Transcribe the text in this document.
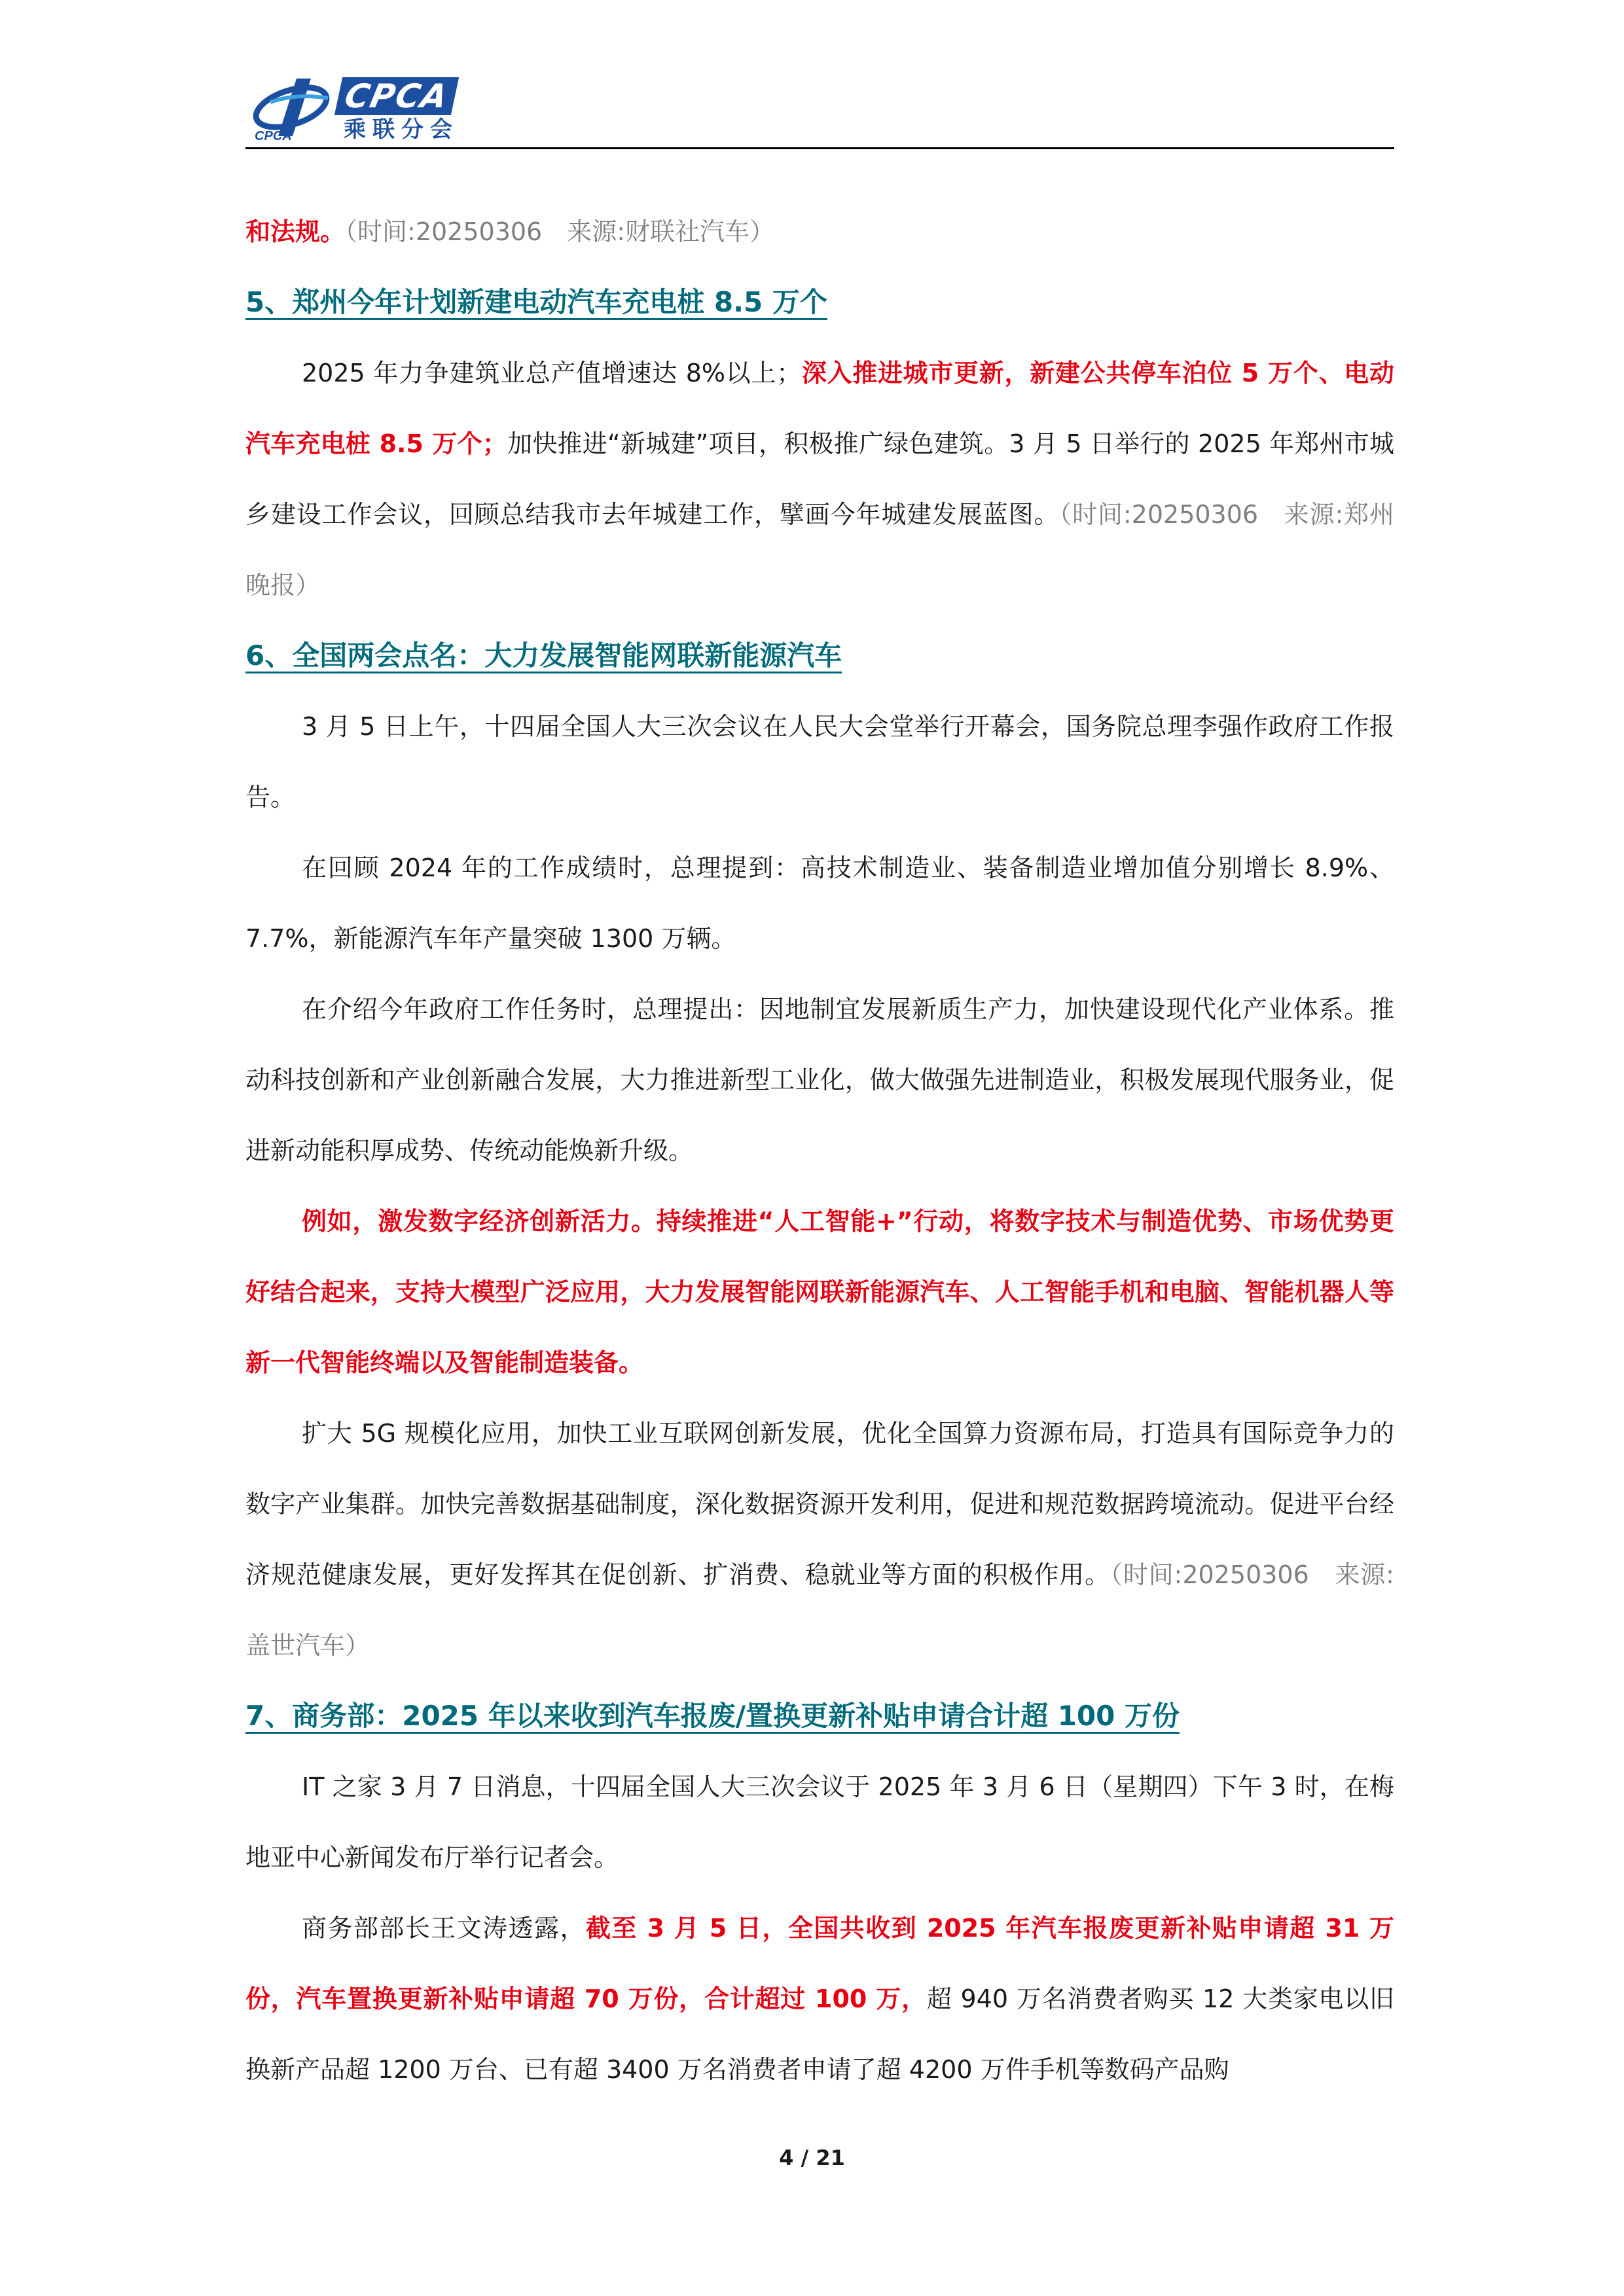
CPCA
CPCA
乘联分会

和法规。（时间:20250306　来源:财联社汽车）

5、郑州今年计划新建电动汽车充电桩 8.5 万个

2025 年力争建筑业总产值增速达 8%以上；深入推进城市更新，新建公共停车泊位 5 万个、电动汽车充电桩 8.5 万个；加快推进“新城建”项目，积极推广绿色建筑。3 月 5 日举行的 2025 年郑州市城乡建设工作会议，回顾总结我市去年城建工作，擘画今年城建发展蓝图。（时间:20250306　来源:郑州晚报）

6、全国两会点名：大力发展智能网联新能源汽车

3 月 5 日上午，十四届全国人大三次会议在人民大会堂举行开幕会，国务院总理李强作政府工作报告。

在回顾 2024 年的工作成绩时，总理提到：高技术制造业、装备制造业增加值分别增长 8.9%、7.7%，新能源汽车年产量突破 1300 万辆。

在介绍今年政府工作任务时，总理提出：因地制宜发展新质生产力，加快建设现代化产业体系。推动科技创新和产业创新融合发展，大力推进新型工业化，做大做强先进制造业，积极发展现代服务业，促进新动能积厚成势、传统动能焕新升级。

例如，激发数字经济创新活力。持续推进“人工智能+”行动，将数字技术与制造优势、市场优势更好结合起来，支持大模型广泛应用，大力发展智能网联新能源汽车、人工智能手机和电脑、智能机器人等新一代智能终端以及智能制造装备。

扩大 5G 规模化应用，加快工业互联网创新发展，优化全国算力资源布局，打造具有国际竞争力的数字产业集群。加快完善数据基础制度，深化数据资源开发利用，促进和规范数据跨境流动。促进平台经济规范健康发展，更好发挥其在促创新、扩消费、稳就业等方面的积极作用。（时间:20250306　来源:盖世汽车）

7、商务部：2025 年以来收到汽车报废/置换更新补贴申请合计超 100 万份

IT 之家 3 月 7 日消息，十四届全国人大三次会议于 2025 年 3 月 6 日（星期四）下午 3 时，在梅地亚中心新闻发布厅举行记者会。

商务部部长王文涛透露，截至 3 月 5 日，全国共收到 2025 年汽车报废更新补贴申请超 31 万份，汽车置换更新补贴申请超 70 万份，合计超过 100 万，超 940 万名消费者购买 12 大类家电以旧换新产品超 1200 万台、已有超 3400 万名消费者申请了超 4200 万件手机等数码产品购

4 / 21
